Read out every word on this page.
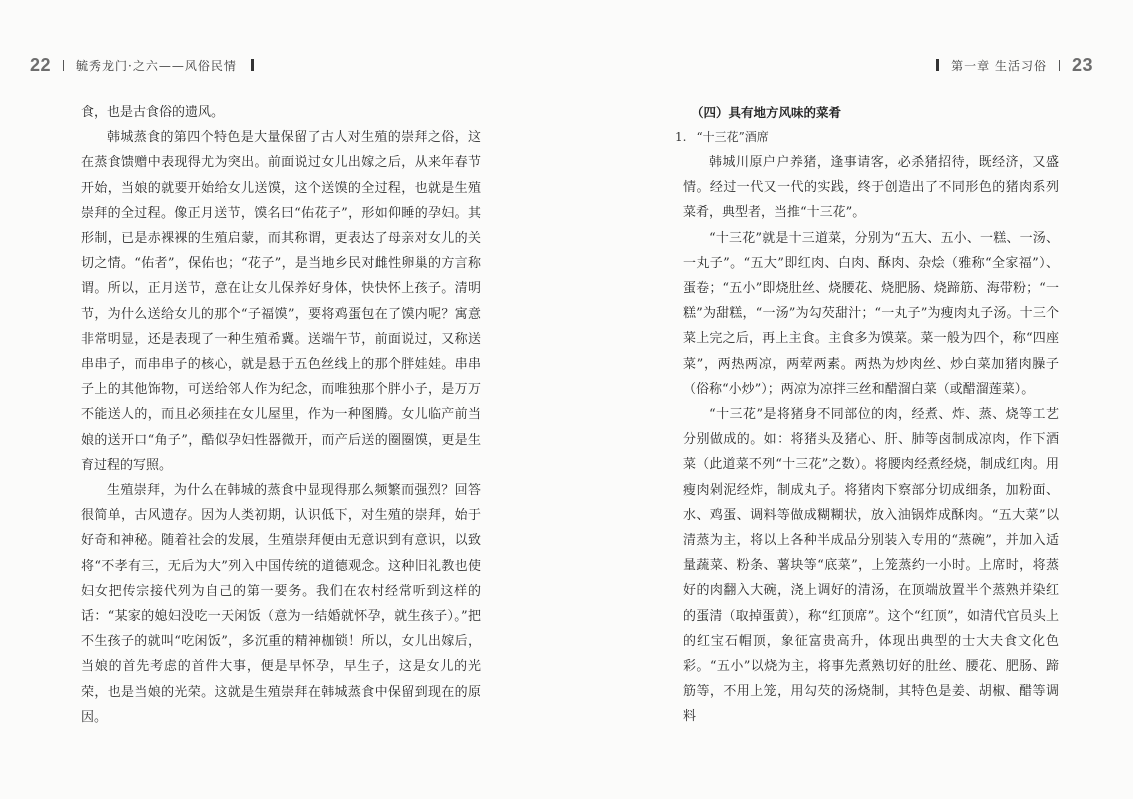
22 毓秀龙门·之六——风俗民情

食，也是古食俗的遗风。

韩城蒸食的第四个特色是大量保留了古人对生殖的崇拜之俗，这在蒸食馈赠中表现得尤为突出。前面说过女儿出嫁之后，从来年春节开始，当娘的就要开始给女儿送馍，这个送馍的全过程，也就是生殖崇拜的全过程。像正月送节，馍名曰“佑花子”，形如仰睡的孕妇。其形制，已是赤裸裸的生殖启蒙，而其称谓，更表达了母亲对女儿的关切之情。“佑者”，保佑也；“花子”，是当地乡民对雌性卵巢的方言称谓。所以，正月送节，意在让女儿保养好身体，快快怀上孩子。清明节，为什么送给女儿的那个“子福馍”，要将鸡蛋包在了馍内呢？寓意非常明显，还是表现了一种生殖希冀。送端午节，前面说过，又称送串串子，而串串子的核心，就是悬于五色丝线上的那个胖娃娃。串串子上的其他饰物，可送给邻人作为纪念，而唯独那个胖小子，是万万不能送人的，而且必须挂在女儿屋里，作为一种图腾。女儿临产前当娘的送开口“角子”，酷似孕妇性器微开，而产后送的圈圈馍，更是生育过程的写照。

生殖崇拜，为什么在韩城的蒸食中显现得那么频繁而强烈？回答很简单，古风遗存。因为人类初期，认识低下，对生殖的崇拜，始于好奇和神秘。随着社会的发展，生殖崇拜便由无意识到有意识，以致将“不孝有三，无后为大”列入中国传统的道德观念。这种旧礼教也使妇女把传宗接代列为自己的第一要务。我们在农村经常听到这样的话：“某家的媳妇没吃一天闲饭（意为一结婚就怀孕，就生孩子）。”把不生孩子的就叫“吃闲饭”，多沉重的精神枷锁！所以，女儿出嫁后，当娘的首先考虑的首件大事，便是早怀孕，早生子，这是女儿的光荣，也是当娘的光荣。这就是生殖崇拜在韩城蒸食中保留到现在的原因。

第一章 生活习俗 23
（四）具有地方风味的菜肴
1. “十三花”酒席

韩城川原户户养猪，逢事请客，必杀猪招待，既经济，又盛情。经过一代又一代的实践，终于创造出了不同形色的猪肉系列菜肴，典型者，当推“十三花”。

“十三花”就是十三道菜，分别为“五大、五小、一糕、一汤、一丸子”。“五大”即红肉、白肉、酥肉、杂烩（雅称“全家福”）、蛋卷；“五小”即烧肚丝、烧腰花、烧肥肠、烧蹄筋、海带粉；“一糕”为甜糕，“一汤”为勾芡甜汁；“一丸子”为瘦肉丸子汤。十三个菜上完之后，再上主食。主食多为馍菜。菜一般为四个，称“四座菜”，两热两凉，两荤两素。两热为炒肉丝、炒白菜加猪肉臊子（俗称“小炒”）；两凉为凉拌三丝和醋溜白菜（或醋溜莲菜）。

“十三花”是将猪身不同部位的肉，经煮、炸、蒸、烧等工艺分别做成的。如：将猪头及猪心、肝、肺等卤制成凉肉，作下酒菜（此道菜不列“十三花”之数）。将腰肉经煮经烧，制成红肉。用瘦肉剁泥经炸，制成丸子。将猪肉下察部分切成细条，加粉面、水、鸡蛋、调料等做成糊糊状，放入油锅炸成酥肉。“五大菜”以清蒸为主，将以上各种半成品分别装入专用的“蒸碗”，并加入适量蔬菜、粉条、薯块等“底菜”，上笼蒸约一小时。上席时，将蒸好的肉翻入大碗，浇上调好的清汤，在顶端放置半个蒸熟并染红的蛋清（取掉蛋黄），称“红顶席”。这个“红顶”，如清代官员头上的红宝石帽顶，象征富贵高升，体现出典型的士大夫食文化色彩。“五小”以烧为主，将事先煮熟切好的肚丝、腰花、肥肠、蹄筋等，不用上笼，用勾芡的汤烧制，其特色是姜、胡椒、醋等调料
